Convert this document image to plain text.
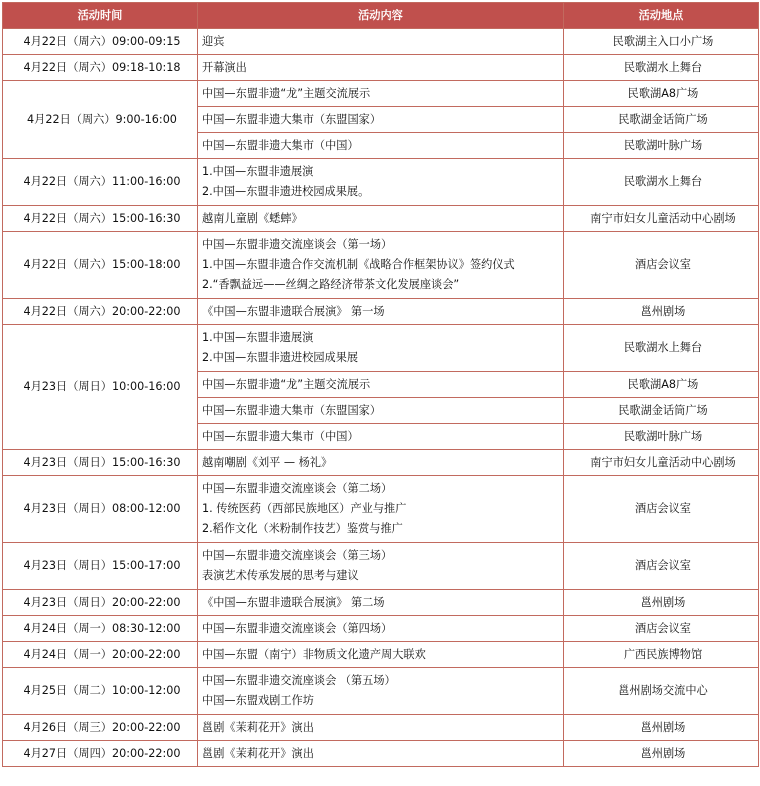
活动时间	活动内容	活动地点
4月22日（周六）09:00-09:15	迎宾	民歌湖主入口小广场
4月22日（周六）09:18-10:18	开幕演出	民歌湖水上舞台
4月22日（周六）9:00-16:00	中国—东盟非遗“龙”主题交流展示	民歌湖A8广场

	中国—东盟非遗大集市（东盟国家）	民歌湖金话筒广场

	中国—东盟非遗大集市（中国）	民歌湖叶脉广场
4月22日（周六）11:00-16:00	1.中国—东盟非遗展演
2.中国—东盟非遗进校园成果展。	民歌湖水上舞台
4月22日（周六）15:00-16:30	越南儿童剧《蟋蟀》	南宁市妇女儿童活动中心剧场
4月22日（周六）15:00-18:00	中国—东盟非遗交流座谈会（第一场）
1.中国—东盟非遗合作交流机制《战略合作框架协议》签约仪式
2.“香飘益远——丝绸之路经济带茶文化发展座谈会”	酒店会议室
4月22日（周六）20:00-22:00	《中国—东盟非遗联合展演》 第一场	邕州剧场
4月23日（周日）10:00-16:00	1.中国—东盟非遗展演
2.中国—东盟非遗进校园成果展	民歌湖水上舞台

	中国—东盟非遗“龙”主题交流展示	民歌湖A8广场

	中国—东盟非遗大集市（东盟国家）	民歌湖金话筒广场

	中国—东盟非遗大集市（中国）	民歌湖叶脉广场
4月23日（周日）15:00-16:30	越南嘲剧《刘平 — 杨礼》	南宁市妇女儿童活动中心剧场
4月23日（周日）08:00-12:00	中国—东盟非遗交流座谈会（第二场）
1. 传统医药（西部民族地区）产业与推广
2.稻作文化（米粉制作技艺）鉴赏与推广	酒店会议室
4月23日（周日）15:00-17:00	中国—东盟非遗交流座谈会（第三场）
表演艺术传承发展的思考与建议	酒店会议室
4月23日（周日）20:00-22:00	《中国—东盟非遗联合展演》 第二场	邕州剧场
4月24日（周一）08:30-12:00	中国—东盟非遗交流座谈会（第四场）	酒店会议室
4月24日（周一）20:00-22:00	中国—东盟（南宁）非物质文化遗产周大联欢	广西民族博物馆
4月25日（周二）10:00-12:00	中国—东盟非遗交流座谈会 （第五场）
中国—东盟戏剧工作坊	邕州剧场交流中心
4月26日（周三）20:00-22:00	邕剧《茉莉花开》演出	邕州剧场
4月27日（周四）20:00-22:00	邕剧《茉莉花开》演出	邕州剧场
